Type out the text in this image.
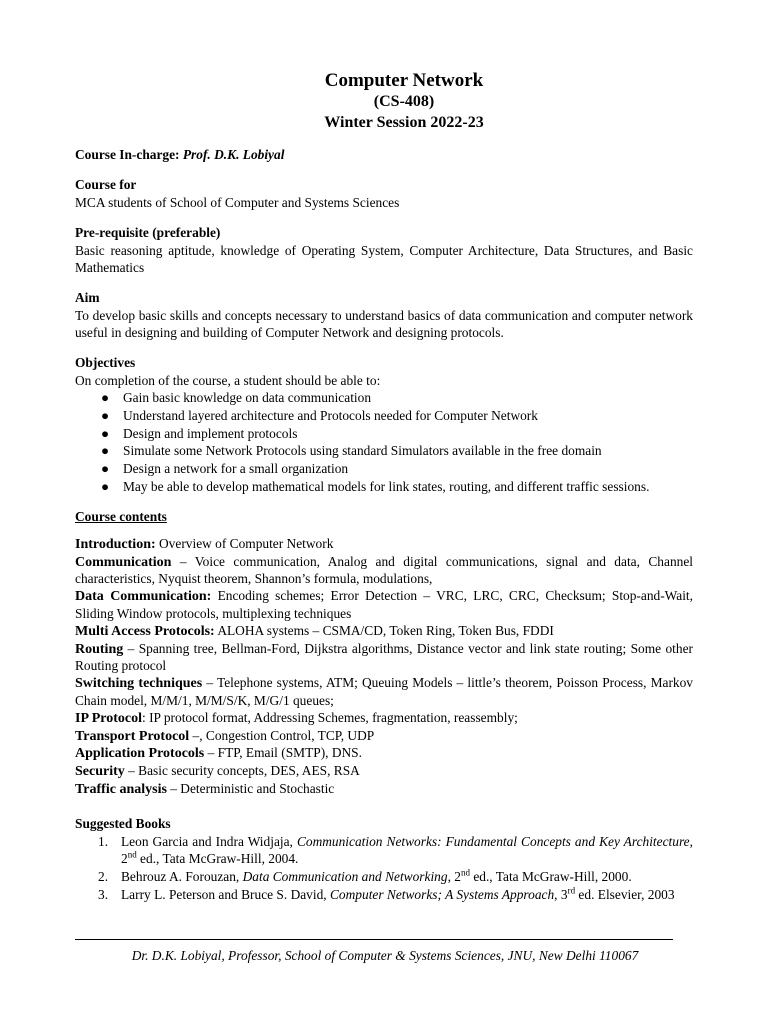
Computer Network
(CS-408)
Winter Session 2022-23
Course In-charge: Prof. D.K. Lobiyal
Course for
MCA students of School of Computer and Systems Sciences
Pre-requisite (preferable)
Basic reasoning aptitude, knowledge of Operating System, Computer Architecture, Data Structures, and Basic Mathematics
Aim
To develop basic skills and concepts necessary to understand basics of data communication and computer network useful in designing and building of Computer Network and designing protocols.
Objectives
On completion of the course, a student should be able to:
● Gain basic knowledge on data communication
● Understand layered architecture and Protocols needed for Computer Network
● Design and implement protocols
● Simulate some Network Protocols using standard Simulators available in the free domain
● Design a network for a small organization
● May be able to develop mathematical models for link states, routing, and different traffic sessions.
Course contents
Introduction: Overview of Computer Network
Communication – Voice communication, Analog and digital communications, signal and data, Channel characteristics, Nyquist theorem, Shannon’s formula, modulations,
Data Communication: Encoding schemes; Error Detection – VRC, LRC, CRC, Checksum; Stop-and-Wait, Sliding Window protocols, multiplexing techniques
Multi Access Protocols: ALOHA systems – CSMA/CD, Token Ring, Token Bus, FDDI
Routing – Spanning tree, Bellman-Ford, Dijkstra algorithms, Distance vector and link state routing; Some other Routing protocol
Switching techniques – Telephone systems, ATM; Queuing Models – little’s theorem, Poisson Process, Markov Chain model, M/M/1, M/M/S/K, M/G/1 queues;
IP Protocol: IP protocol format, Addressing Schemes, fragmentation, reassembly;
Transport Protocol –, Congestion Control, TCP, UDP
Application Protocols – FTP, Email (SMTP), DNS.
Security – Basic security concepts, DES, AES, RSA
Traffic analysis – Deterministic and Stochastic
Suggested Books
1. Leon Garcia and Indra Widjaja, Communication Networks: Fundamental Concepts and Key Architecture, 2nd ed., Tata McGraw-Hill, 2004.
2. Behrouz A. Forouzan, Data Communication and Networking, 2nd ed., Tata McGraw-Hill, 2000.
3. Larry L. Peterson and Bruce S. David, Computer Networks; A Systems Approach, 3rd ed. Elsevier, 2003
Dr. D.K. Lobiyal, Professor, School of Computer & Systems Sciences, JNU, New Delhi 110067
